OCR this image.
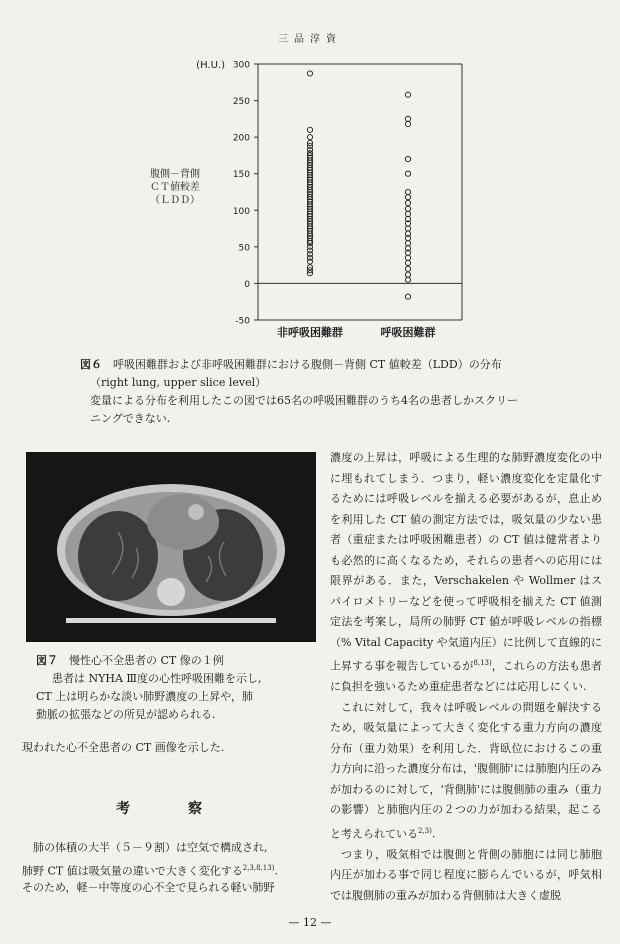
三品淳資
(H.U.) 300
250
200
150
100
50
0
-50
非呼吸困難群	呼吸困難群
腹側－背側
ＣＴ値較差
（ＬＤＤ）
図６　 呼吸困難群および非呼吸困難群における腹側－背側 CT 値較差（LDD）の分布
（right lung, upper slice level）
変量による分布を利用したこの図では65名の呼吸困難群のうち4名の患者しかスクリー
ニングできない.
図７　 慢性心不全患者の CT 像の１例
患者は NYHA Ⅲ度の心性呼吸困難を示し,
CT 上は明らかな淡い肺野濃度の上昇や，肺
動脈の拡張などの所見が認められる.
現われた心不全患者の CT 画像を示した.
考　察
肺の体積の大半（５－９割）は空気で構成され,
肺野 CT 値は吸気量の違いで大きく変化する$^{2,3,8,13)}$.
そのため，軽－中等度の心不全で見られる軽い肺野

濃度の上昇は，呼吸による生理的な肺野濃度変化の中に埋もれてしまう．つまり，軽い濃度変化を定量化するためには呼吸レベルを揃える必要があるが，息止めを利用した CT 値の測定方法では，吸気量の少ない患者（重症または呼吸困難患者）の CT 値は健常者よりも必然的に高くなるため，それらの患者への応用には限界がある．また，Verschakelen や Wollmer はスパイロメトリーなどを使って呼吸相を揃えた CT 値測定法を考案し，局所の肺野 CT 値が呼吸レベルの指標（% Vital Capacity や気道内圧）に比例して直線的に上昇する事を報告しているが$^{8,13)}$，これらの方法も患者に負担を強いるため重症患者などには応用しにくい.

これに対して，我々は呼吸レベルの問題を解決するため，吸気量によって大きく変化する重力方向の濃度分布（重力効果）を利用した．背臥位におけるこの重力方向に沿った濃度分布は，'腹側肺'には肺胞内圧のみが加わるのに対して，'背側肺'には腹側肺の重み（重力の影響）と肺胞内圧の２つの力が加わる結果，起こると考えられている$^{2,3)}$.

つまり，吸気相では腹側と背側の肺胞には同じ肺胞内圧が加わる事で同じ程度に膨らんでいるが，呼気相では腹側肺の重みが加わる背側肺は大きく虚脱

— 12 —
